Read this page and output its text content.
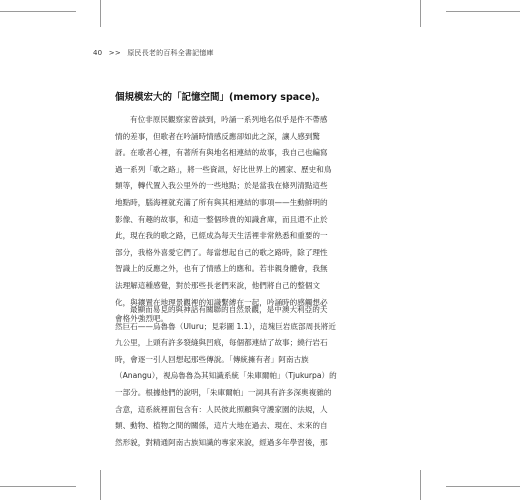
40 >> 原民長老的百科全書記憶庫
個規模宏大的「記憶空間」(memory space)。
有位非原民觀察家曾談到，吟誦一系列地名似乎是件不帶感
情的差事，但歌者在吟誦時情感反應卻如此之深，讓人感到驚
訝。在歌者心裡，有著所有與地名相連結的故事，我自己也編寫
過一系列「歌之路」，將一些資訊，好比世界上的國家、歷史和鳥
類等，轉代置入我公里外的一些地點；於是當我在條列清點這些
地點時，腦海裡就充滿了所有與其相連結的事項——生動鮮明的
影像、有趣的故事，和這一整個珍貴的知識倉庫，而且還不止於
此，現在我的歌之路，已經成為每天生活裡非常熟悉和重要的一
部分，我格外喜愛它們了。每當想起自己的歌之路時，除了理性
智識上的反應之外，也有了情感上的應和。若非親身體會，我無
法理解這種感覺，對於那些長老們來說，他們將自己的整個文
化，與鑲置在地理景觀裡的知識繫縛在一起，吟誦時的感觸想必
會格外強烈吧。
最顯而易見的與神話有關聯的自然景觀，是中澳大利亞的天
然巨石——烏魯魯（Uluru；見彩圖 1.1），這塊巨岩底部周長將近
九公里，上頭有許多裂縫與凹痕，每個都連結了故事；繞行岩石
時，會逐一引人回想起那些傳說。「傳統擁有者」阿南古族
（Anangu），視烏魯魯為其知識系統「朱庫爾帕」（Tjukurpa）的
一部分。根據他們的說明，「朱庫爾帕」一詞具有許多深奧複雜的
含意，這系統裡面包含有：人民彼此照顧與守護家園的法規，人
類、動物、植物之間的關係，這片大地在過去、現在、未來的自
然形貌，對精通阿南古族知識的專家來說，經過多年學習後，那
